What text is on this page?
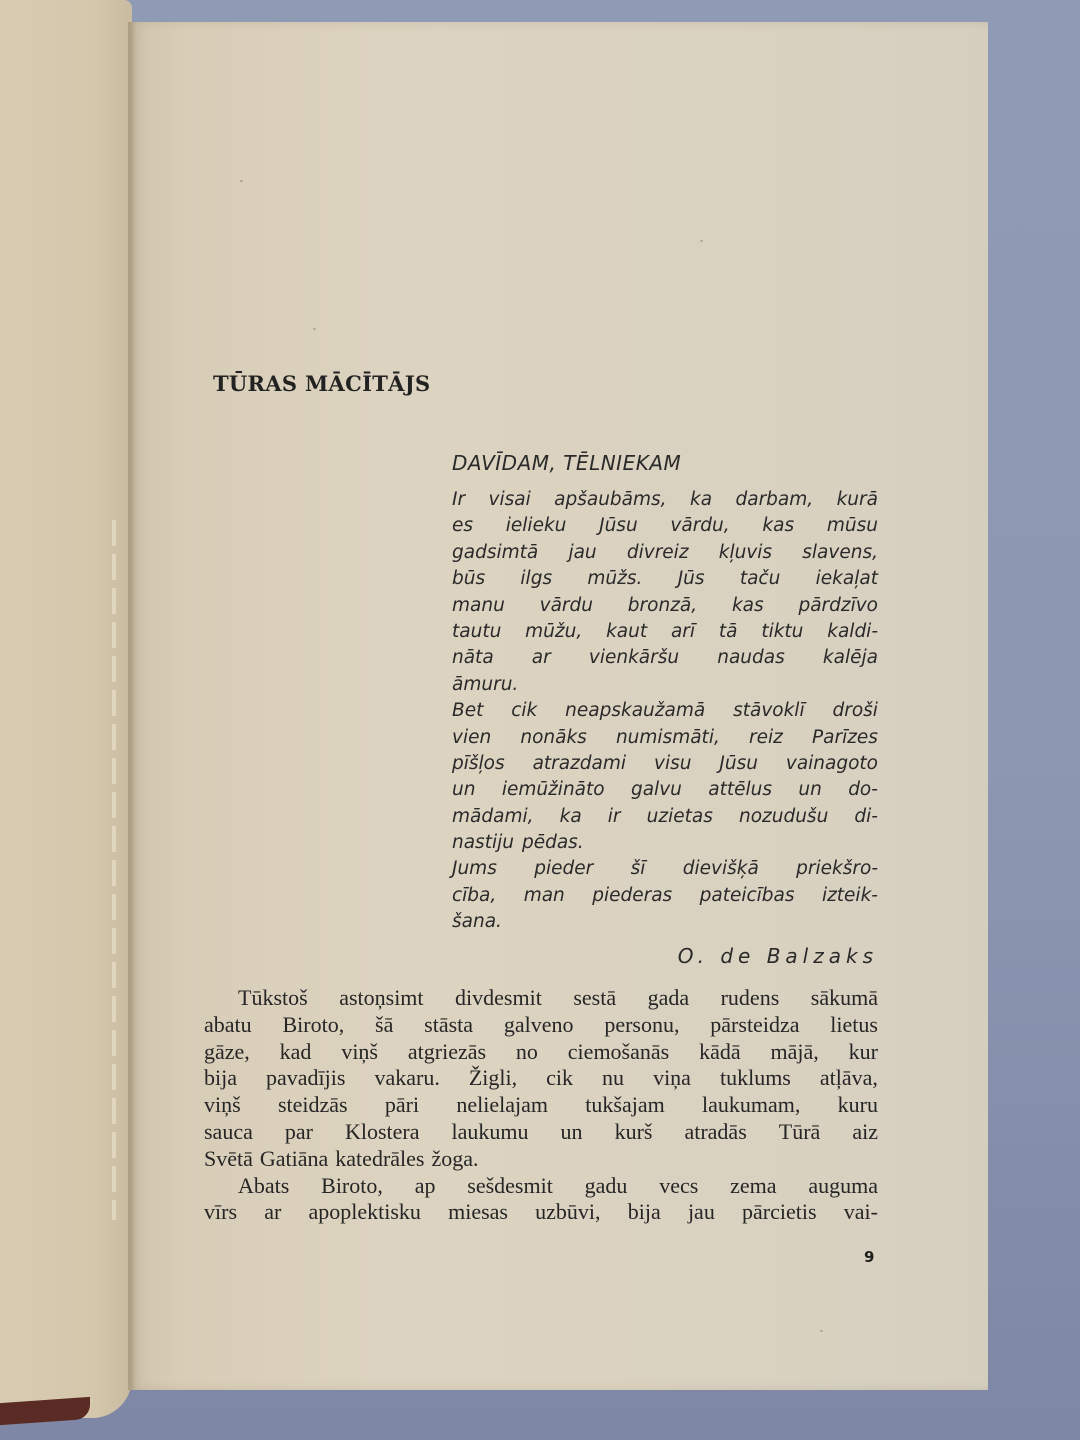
TŪRAS MĀCĪTĀJS
DAVĪDAM, TĒLNIEKAM
Ir visai apšaubāms, ka darbam, kurā
es ielieku Jūsu vārdu, kas mūsu
gadsimtā jau divreiz kļuvis slavens,
būs ilgs mūžs. Jūs taču iekaļat
manu vārdu bronzā, kas pārdzīvo
tautu mūžu, kaut arī tā tiktu kaldi-
nāta ar vienkāršu naudas kalēja
āmuru.
Bet cik neapskaužamā stāvoklī droši
vien nonāks numismāti, reiz Parīzes
pīšļos atrazdami visu Jūsu vainagoto
un iemūžināto galvu attēlus un do-
mādami, ka ir uzietas nozudušu di-
nastiju pēdas.
Jums pieder šī dievišķā priekšro-
cība, man piederas pateicības izteik-
šana.
O. de Balzaks
Tūkstoš astoņsimt divdesmit sestā gada rudens sākumā
abatu Biroto, šā stāsta galveno personu, pārsteidza lietus
gāze, kad viņš atgriezās no ciemošanās kādā mājā, kur
bija pavadījis vakaru. Žigli, cik nu viņa tuklums atļāva,
viņš steidzās pāri nelielajam tukšajam laukumam, kuru
sauca par Klostera laukumu un kurš atradās Tūrā aiz
Svētā Gatiāna katedrāles žoga.
Abats Biroto, ap sešdesmit gadu vecs zema auguma
vīrs ar apoplektisku miesas uzbūvi, bija jau pārcietis vai-
9
